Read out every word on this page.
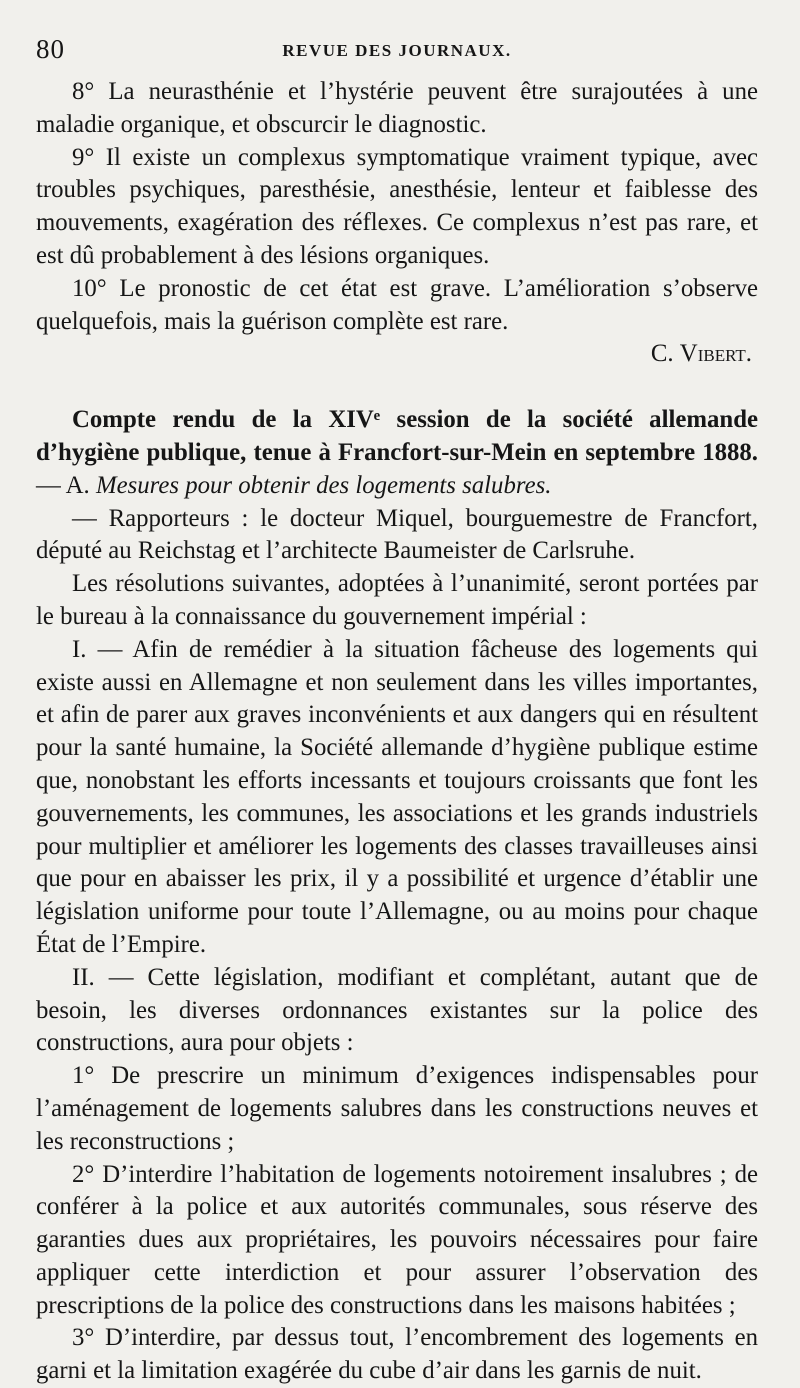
80	REVUE DES JOURNAUX.

8° La neurasthénie et l’hystérie peuvent être surajoutées à une maladie organique, et obscurcir le diagnostic.

9° Il existe un complexus symptomatique vraiment typique, avec troubles psychiques, paresthésie, anesthésie, lenteur et faiblesse des mouvements, exagération des réflexes. Ce complexus n’est pas rare, et est dû probablement à des lésions organiques.

10° Le pronostic de cet état est grave. L’amélioration s’observe quelquefois, mais la guérison complète est rare.

C. Vibert.

Compte rendu de la XIVᵉ session de la société allemande d’hygiène publique, tenue à Francfort-sur-Mein en septembre 1888. — A. Mesures pour obtenir des logements salubres.

— Rapporteurs : le docteur Miquel, bourguemestre de Francfort, député au Reichstag et l’architecte Baumeister de Carlsruhe.

Les résolutions suivantes, adoptées à l’unanimité, seront portées par le bureau à la connaissance du gouvernement impérial :

I. — Afin de remédier à la situation fâcheuse des logements qui existe aussi en Allemagne et non seulement dans les villes importantes, et afin de parer aux graves inconvénients et aux dangers qui en résultent pour la santé humaine, la Société allemande d’hygiène publique estime que, nonobstant les efforts incessants et toujours croissants que font les gouvernements, les communes, les associations et les grands industriels pour multiplier et améliorer les logements des classes travailleuses ainsi que pour en abaisser les prix, il y a possibilité et urgence d’établir une législation uniforme pour toute l’Allemagne, ou au moins pour chaque État de l’Empire.

II. — Cette législation, modifiant et complétant, autant que de besoin, les diverses ordonnances existantes sur la police des constructions, aura pour objets :

1° De prescrire un minimum d’exigences indispensables pour l’aménagement de logements salubres dans les constructions neuves et les reconstructions ;

2° D’interdire l’habitation de logements notoirement insalubres ; de conférer à la police et aux autorités communales, sous réserve des garanties dues aux propriétaires, les pouvoirs nécessaires pour faire appliquer cette interdiction et pour assurer l’observation des prescriptions de la police des constructions dans les maisons habitées ;

3° D’interdire, par dessus tout, l’encombrement des logements en garni et la limitation exagérée du cube d’air dans les garnis de nuit.
